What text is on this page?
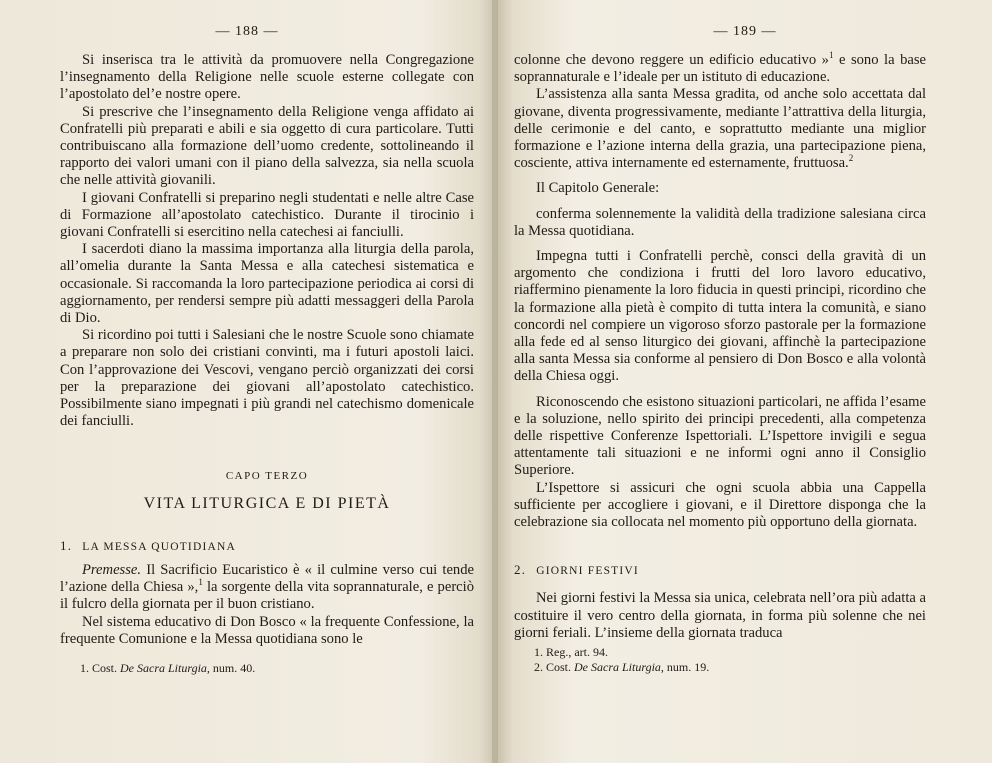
— 188 —

Si inserisca tra le attività da promuovere nella Congregazione l’insegnamento della Religione nelle scuole esterne collegate con l’apostolato del’e nostre opere.

Si prescrive che l’insegnamento della Religione venga affidato ai Confratelli più preparati e abili e sia oggetto di cura particolare. Tutti contribuiscano alla formazione dell’uomo credente, sottolineando il rapporto dei valori umani con il piano della salvezza, sia nella scuola che nelle attività giovanili.

I giovani Confratelli si preparino negli studentati e nelle altre Case di Formazione all’apostolato catechistico. Durante il tirocinio i giovani Confratelli si esercitino nella catechesi ai fanciulli.

I sacerdoti diano la massima importanza alla liturgia della parola, all’omelia durante la Santa Messa e alla catechesi sistematica e occasionale. Si raccomanda la loro partecipazione periodica ai corsi di aggiornamento, per rendersi sempre più adatti messaggeri della Parola di Dio.

Si ricordino poi tutti i Salesiani che le nostre Scuole sono chiamate a preparare non solo dei cristiani convinti, ma i futuri apostoli laici. Con l’approvazione dei Vescovi, vengano perciò organizzati dei corsi per la preparazione dei giovani all’apostolato catechistico. Possibilmente siano impegnati i più grandi nel catechismo domenicale dei fanciulli.

CAPO TERZO
VITA LITURGICA E DI PIETÀ
1. LA MESSA QUOTIDIANA

Premesse. Il Sacrificio Eucaristico è « il culmine verso cui tende l’azione della Chiesa »,$^1$ la sorgente della vita soprannaturale, e perciò il fulcro della giornata per il buon cristiano.

Nel sistema educativo di Don Bosco « la frequente Confessione, la frequente Comunione e la Messa quotidiana sono le

1. Cost. De Sacra Liturgia, num. 40.
— 189 —

colonne che devono reggere un edificio educativo »$^1$ e sono la base soprannaturale e l’ideale per un istituto di educazione.

L’assistenza alla santa Messa gradita, od anche solo accettata dal giovane, diventa progressivamente, mediante l’attrattiva della liturgia, delle cerimonie e del canto, e soprattutto mediante una miglior formazione e l’azione interna della grazia, una partecipazione piena, cosciente, attiva internamente ed esternamente, fruttuosa.$^2$

Il Capitolo Generale:

conferma solennemente la validità della tradizione salesiana circa la Messa quotidiana.

Impegna tutti i Confratelli perchè, consci della gravità di un argomento che condiziona i frutti del loro lavoro educativo, riaffermino pienamente la loro fiducia in questi principi, ricordino che la formazione alla pietà è compito di tutta intera la comunità, e siano concordi nel compiere un vigoroso sforzo pastorale per la formazione alla fede ed al senso liturgico dei giovani, affinchè la partecipazione alla santa Messa sia conforme al pensiero di Don Bosco e alla volontà della Chiesa oggi.

Riconoscendo che esistono situazioni particolari, ne affida l’esame e la soluzione, nello spirito dei principi precedenti, alla competenza delle rispettive Conferenze Ispettoriali. L’Ispettore invigili e segua attentamente tali situazioni e ne informi ogni anno il Consiglio Superiore.

L’Ispettore si assicuri che ogni scuola abbia una Cappella sufficiente per accogliere i giovani, e il Direttore disponga che la celebrazione sia collocata nel momento più opportuno della giornata.

2. GIORNI FESTIVI

Nei giorni festivi la Messa sia unica, celebrata nell’ora più adatta a costituire il vero centro della giornata, in forma più solenne che nei giorni feriali. L’insieme della giornata traduca

1. Reg., art. 94.
2. Cost. De Sacra Liturgia, num. 19.
